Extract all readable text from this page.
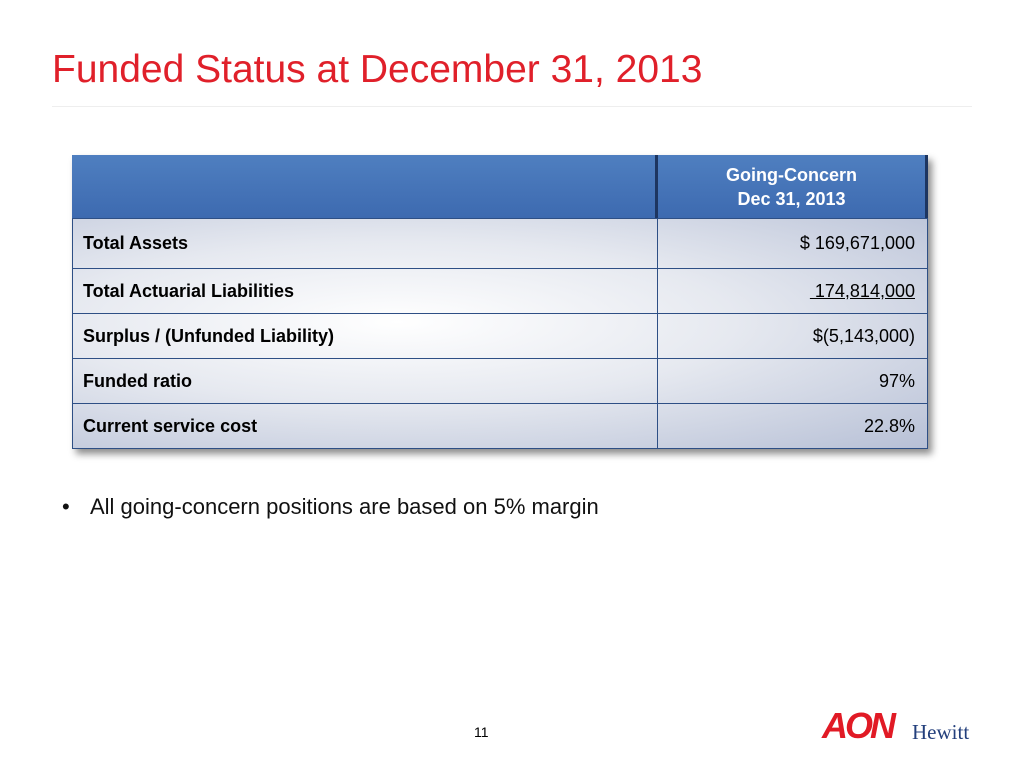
Funded Status at December 31, 2013
Going-Concern
Dec 31, 2013
Total Assets	$ 169,671,000
Total Actuarial Liabilities	174,814,000
Surplus / (Unfunded Liability)	$(5,143,000)
Funded ratio	97%
Current service cost	22.8%
• All going-concern positions are based on 5% margin
11	AON Hewitt
